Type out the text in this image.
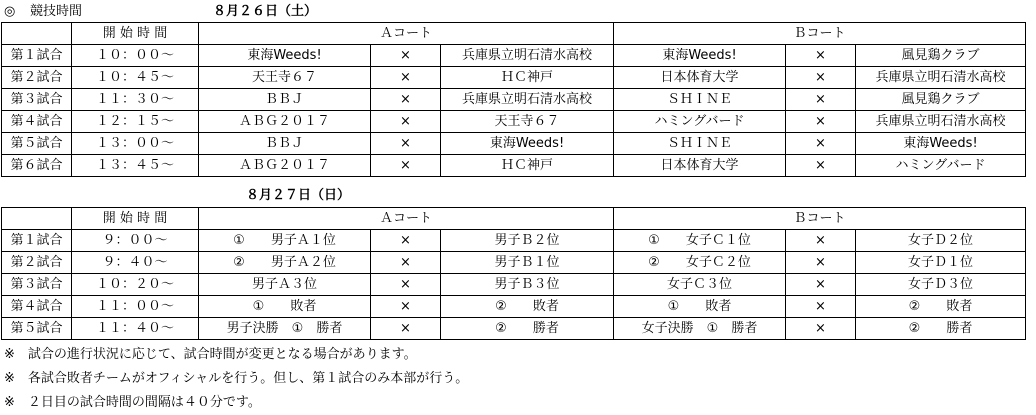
◎ 競技時間	８月２６日（土）
	開 始 時 間	Ａコート			Ｂコート		
第１試合	１０：００～	東海Weeds!	×	兵庫県立明石清水高校	東海Weeds!	×	風見鶏クラブ
第２試合	１０：４５～	天王寺６７	×	ＨＣ神戸	日本体育大学	×	兵庫県立明石清水高校
第３試合	１１：３０～	ＢＢＪ	×	兵庫県立明石清水高校	ＳＨＩＮＥ	×	風見鶏クラブ
第４試合	１２：１５～	ＡＢＧ２０１７	×	天王寺６７	ハミングバード	×	兵庫県立明石清水高校
第５試合	１３：００～	ＢＢＪ	×	東海Weeds!	ＳＨＩＮＥ	×	東海Weeds!
第６試合	１３：４５～	ＡＢＧ２０１７	×	ＨＣ神戸	日本体育大学	×	ハミングバード
８月２７日（日）
	開 始 時 間	Ａコート			Ｂコート		
第１試合	９：００～	①　　男子Ａ１位	×	男子Ｂ２位	①　　女子Ｃ１位	×	女子Ｄ２位
第２試合	９：４０～	②　　男子Ａ２位	×	男子Ｂ１位	②　　女子Ｃ２位	×	女子Ｄ１位
第３試合	１０：２０～	男子Ａ３位	×	男子Ｂ３位	女子Ｃ３位	×	女子Ｄ３位
第４試合	１１：００～	①　　敗者	×	②　　敗者	①　　敗者	×	②　　敗者
第５試合	１１：４０～	男子決勝　①　勝者	×	②　　勝者	女子決勝　①　勝者	×	②　　勝者
※　試合の進行状況に応じて、試合時間が変更となる場合があります。
※　各試合敗者チームがオフィシャルを行う。但し、第１試合のみ本部が行う。
※　２日目の試合時間の間隔は４０分です。
